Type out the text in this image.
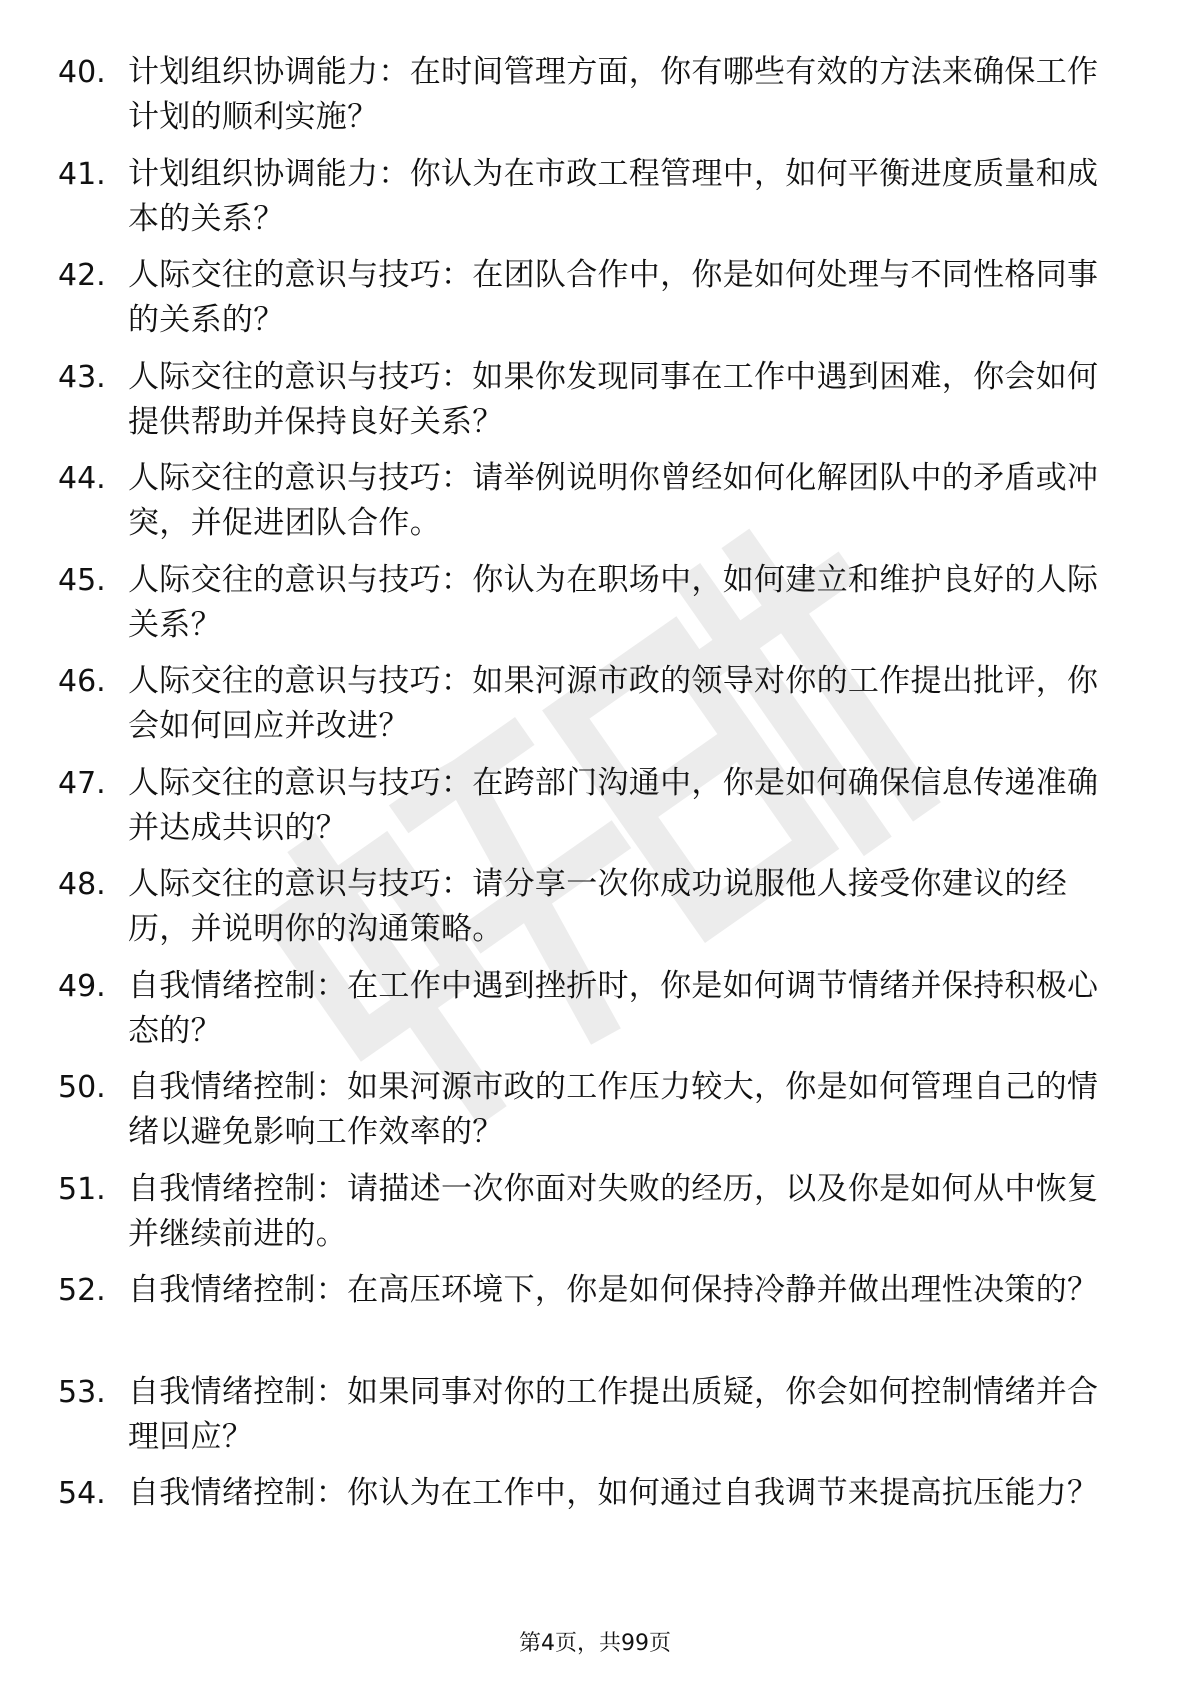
40. 计划组织协调能力：在时间管理方面，你有哪些有效的方法来确保工作计划的顺利实施？
41. 计划组织协调能力：你认为在市政工程管理中，如何平衡进度质量和成本的关系？
42. 人际交往的意识与技巧：在团队合作中，你是如何处理与不同性格同事的关系的？
43. 人际交往的意识与技巧：如果你发现同事在工作中遇到困难，你会如何提供帮助并保持良好关系？
44. 人际交往的意识与技巧：请举例说明你曾经如何化解团队中的矛盾或冲突，并促进团队合作。
45. 人际交往的意识与技巧：你认为在职场中，如何建立和维护良好的人际关系？
46. 人际交往的意识与技巧：如果河源市政的领导对你的工作提出批评，你会如何回应并改进？
47. 人际交往的意识与技巧：在跨部门沟通中，你是如何确保信息传递准确并达成共识的？
48. 人际交往的意识与技巧：请分享一次你成功说服他人接受你建议的经历，并说明你的沟通策略。
49. 自我情绪控制：在工作中遇到挫折时，你是如何调节情绪并保持积极心态的？
50. 自我情绪控制：如果河源市政的工作压力较大，你是如何管理自己的情绪以避免影响工作效率的？
51. 自我情绪控制：请描述一次你面对失败的经历，以及你是如何从中恢复并继续前进的。
52. 自我情绪控制：在高压环境下，你是如何保持冷静并做出理性决策的？
53. 自我情绪控制：如果同事对你的工作提出质疑，你会如何控制情绪并合理回应？
54. 自我情绪控制：你认为在工作中，如何通过自我调节来提高抗压能力？
第4页，共99页
